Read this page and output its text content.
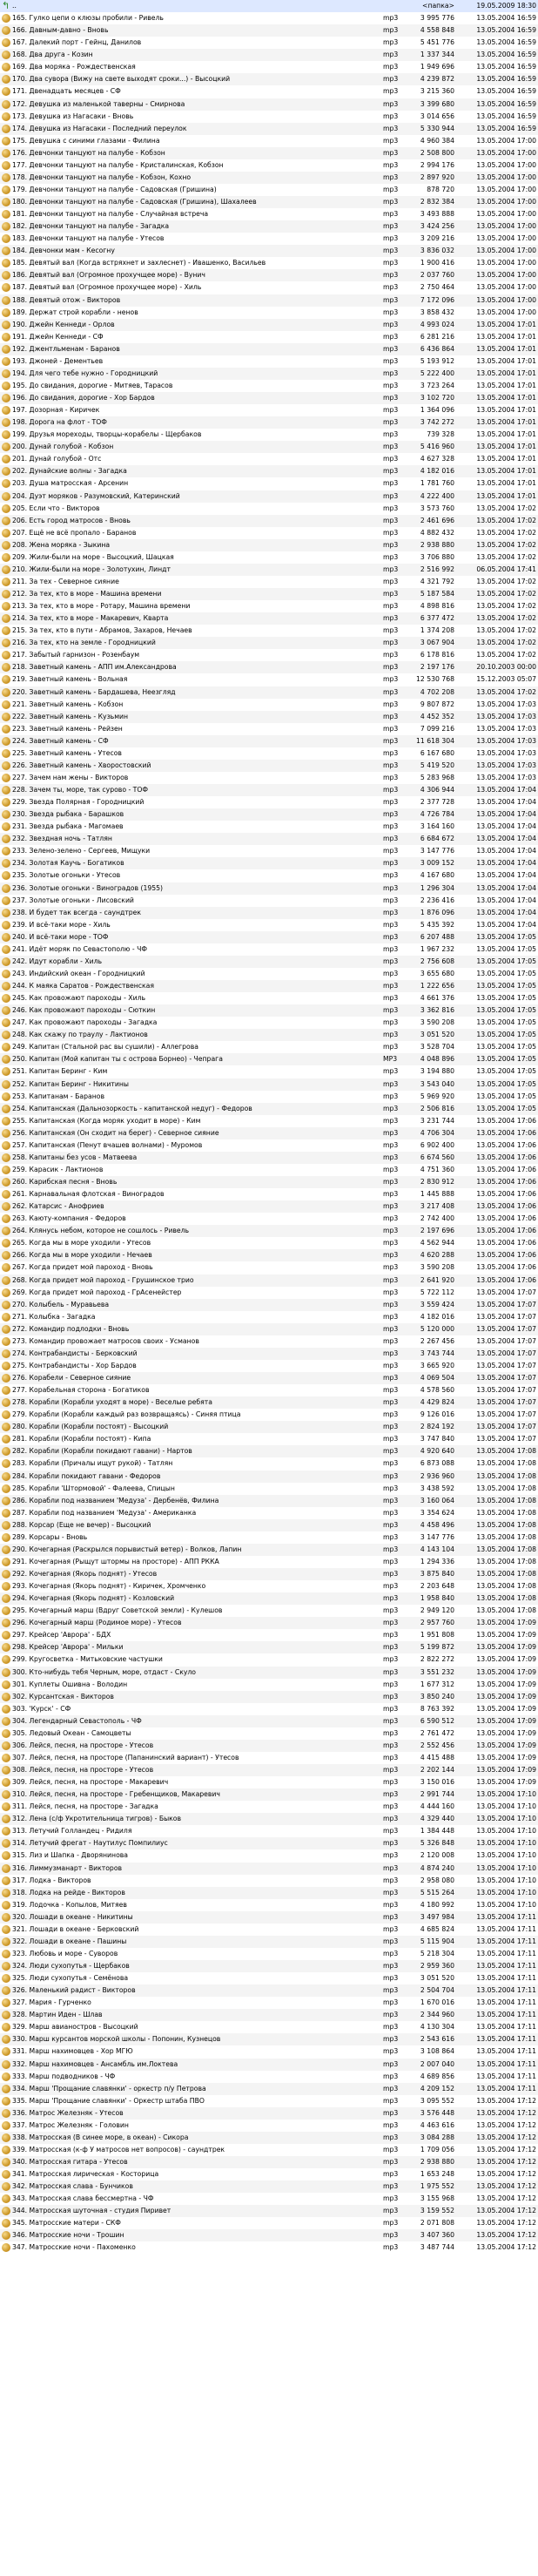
↰
..	<папка>	19.05.2009 18:30
165. Гулко цепи о клюзы пробили - Ривель	mp3	3 995 776	13.05.2004 16:59
166. Давным-давно - Вновь	mp3	4 558 848	13.05.2004 16:59
167. Далекий порт - Гейнц, Данилов	mp3	5 451 776	13.05.2004 16:59
168. Два друга - Козин	mp3	1 337 344	13.05.2004 16:59
169. Два моряка - Рождественская	mp3	1 949 696	13.05.2004 16:59
170. Два сувора (Вижу на свете выходят сроки...) - Высоцкий	mp3	4 239 872	13.05.2004 16:59
171. Двенадцать месяцев - СФ	mp3	3 215 360	13.05.2004 16:59
172. Девушка из маленькой таверны - Смирнова	mp3	3 399 680	13.05.2004 16:59
173. Девушка из Нагасаки - Вновь	mp3	3 014 656	13.05.2004 16:59
174. Девушка из Нагасаки - Последний переулок	mp3	5 330 944	13.05.2004 16:59
175. Девушка с синими глазами - Филина	mp3	4 960 384	13.05.2004 17:00
176. Девчонки танцуют на палубе - Кобзон	mp3	2 508 800	13.05.2004 17:00
177. Девчонки танцуют на палубе - Кристалинская, Кобзон	mp3	2 994 176	13.05.2004 17:00
178. Девчонки танцуют на палубе - Кобзон, Кохно	mp3	2 897 920	13.05.2004 17:00
179. Девчонки танцуют на палубе - Садовская (Гришина)	mp3	878 720	13.05.2004 17:00
180. Девчонки танцуют на палубе - Садовская (Гришина), Шахалеев	mp3	2 832 384	13.05.2004 17:00
181. Девчонки танцуют на палубе - Случайная встреча	mp3	3 493 888	13.05.2004 17:00
182. Девчонки танцуют на палубе - Загадка	mp3	3 424 256	13.05.2004 17:00
183. Девчонки танцуют на палубе - Утесов	mp3	3 209 216	13.05.2004 17:00
184. Девчонки мам - Кесогну	mp3	3 836 032	13.05.2004 17:00
185. Девятый вал (Когда встряхнет и захлеснет) - Ивашенко, Васильев	mp3	1 900 416	13.05.2004 17:00
186. Девятый вал (Огромное прохучщее море) - Вунич	mp3	2 037 760	13.05.2004 17:00
187. Девятый вал (Огромное прохучщее море) - Хиль	mp3	2 750 464	13.05.2004 17:00
188. Девятый отож - Викторов	mp3	7 172 096	13.05.2004 17:00
189. Держат строй корабли - ненов	mp3	3 858 432	13.05.2004 17:00
190. Джейн Кеннеди - Орлов	mp3	4 993 024	13.05.2004 17:01
191. Джейн Кеннеди - СФ	mp3	6 281 216	13.05.2004 17:01
192. Джентльменам - Баранов	mp3	6 436 864	13.05.2004 17:01
193. Джоней - Дементьев	mp3	5 193 912	13.05.2004 17:01
194. Для чего тебе нужно - Городницкий	mp3	5 222 400	13.05.2004 17:01
195. До свидания, дорогие - Митяев, Тарасов	mp3	3 723 264	13.05.2004 17:01
196. До свидания, дорогие - Хор Бардов	mp3	3 102 720	13.05.2004 17:01
197. Дозорная - Киричек	mp3	1 364 096	13.05.2004 17:01
198. Дорога на флот - ТОФ	mp3	3 742 272	13.05.2004 17:01
199. Друзья мореходы, творцы-корабелы - Щербаков	mp3	739 328	13.05.2004 17:01
200. Дунай голубой - Кобзон	mp3	5 416 960	13.05.2004 17:01
201. Дунай голубой - Отс	mp3	4 627 328	13.05.2004 17:01
202. Дунайские волны - Загадка	mp3	4 182 016	13.05.2004 17:01
203. Душа матросская - Арсенин	mp3	1 781 760	13.05.2004 17:01
204. Дуэт моряков - Разумовский, Катеринский	mp3	4 222 400	13.05.2004 17:01
205. Если что - Викторов	mp3	3 573 760	13.05.2004 17:02
206. Есть город матросов - Вновь	mp3	2 461 696	13.05.2004 17:02
207. Ещё не всё пропало - Баранов	mp3	4 882 432	13.05.2004 17:02
208. Жена моряка - Зыкина	mp3	2 938 880	13.05.2004 17:02
209. Жили-были на море - Высоцкий, Шацкая	mp3	3 706 880	13.05.2004 17:02
210. Жили-были на море - Золотухин, Линдт	mp3	2 516 992	06.05.2004 17:41
211. За тех - Северное сияние	mp3	4 321 792	13.05.2004 17:02
212. За тех, кто в море - Машина времени	mp3	5 187 584	13.05.2004 17:02
213. За тех, кто в море - Ротару, Машина времени	mp3	4 898 816	13.05.2004 17:02
214. За тех, кто в море - Макаревич, Кварта	mp3	6 377 472	13.05.2004 17:02
215. За тех, кто в пути - Абрамов, Захаров, Нечаев	mp3	1 374 208	13.05.2004 17:02
216. За тех, кто на земле - Городницкий	mp3	3 067 904	13.05.2004 17:02
217. Забытый гарнизон - Розенбаум	mp3	6 178 816	13.05.2004 17:02
218. Заветный камень - АПП им.Александрова	mp3	2 197 176	20.10.2003 00:00
219. Заветный камень - Вольная	mp3	12 530 768	15.12.2003 05:07
220. Заветный камень - Бардашева, Неезгляд	mp3	4 702 208	13.05.2004 17:02
221. Заветный камень - Кобзон	mp3	9 807 872	13.05.2004 17:03
222. Заветный камень - Кузьмин	mp3	4 452 352	13.05.2004 17:03
223. Заветный камень - Рейзен	mp3	7 099 216	13.05.2004 17:03
224. Заветный камень - СФ	mp3	11 618 304	13.05.2004 17:03
225. Заветный камень - Утесов	mp3	6 167 680	13.05.2004 17:03
226. Заветный камень - Хворостовский	mp3	5 419 520	13.05.2004 17:03
227. Зачем нам жены - Викторов	mp3	5 283 968	13.05.2004 17:03
228. Зачем ты, море, так сурово - ТОФ	mp3	4 306 944	13.05.2004 17:04
229. Звезда Полярная - Городницкий	mp3	2 377 728	13.05.2004 17:04
230. Звезда рыбака - Барашков	mp3	4 726 784	13.05.2004 17:04
231. Звезда рыбака - Магомаев	mp3	3 164 160	13.05.2004 17:04
232. Звездная ночь - Татлян	mp3	6 684 672	13.05.2004 17:04
233. Зелено-зелено - Сергеев, Мищуки	mp3	3 147 776	13.05.2004 17:04
234. Золотая Каучь - Богатиков	mp3	3 009 152	13.05.2004 17:04
235. Золотые огоньки - Утесов	mp3	4 167 680	13.05.2004 17:04
236. Золотые огоньки - Виноградов (1955)	mp3	1 296 304	13.05.2004 17:04
237. Золотые огоньки - Лисовский	mp3	2 236 416	13.05.2004 17:04
238. И будет так всегда - саундтрек	mp3	1 876 096	13.05.2004 17:04
239. И всё-таки море - Хиль	mp3	5 435 392	13.05.2004 17:04
240. И всё-таки море - ТОФ	mp3	6 207 488	13.05.2004 17:05
241. Идёт моряк по Севастополю - ЧФ	mp3	1 967 232	13.05.2004 17:05
242. Идут корабли - Хиль	mp3	2 756 608	13.05.2004 17:05
243. Индийский океан - Городницкий	mp3	3 655 680	13.05.2004 17:05
244. К маяка Саратов - Рождественская	mp3	1 222 656	13.05.2004 17:05
245. Как провожают пароходы - Хиль	mp3	4 661 376	13.05.2004 17:05
246. Как провожают пароходы - Сюткин	mp3	3 362 816	13.05.2004 17:05
247. Как провожают пароходы - Загадка	mp3	3 590 208	13.05.2004 17:05
248. Как скажу по траулу - Лактионов	mp3	3 051 520	13.05.2004 17:05
249. Капитан (Стальной рас вы сушили) - Аллегрова	mp3	3 528 704	13.05.2004 17:05
250. Капитан (Мой капитан ты с острова Борнео) - Чепрага	MP3	4 048 896	13.05.2004 17:05
251. Капитан Беринг - Ким	mp3	3 194 880	13.05.2004 17:05
252. Капитан Беринг - Никитины	mp3	3 543 040	13.05.2004 17:05
253. Капитанам - Баранов	mp3	5 969 920	13.05.2004 17:05
254. Капитанская (Дальнозоркость - капитанской недуг) - Федоров	mp3	2 506 816	13.05.2004 17:05
255. Капитанская (Когда моряк уходит в море) - Ким	mp3	3 231 744	13.05.2004 17:06
256. Капитанская (Он сходит на берег) - Северное сияние	mp3	4 706 304	13.05.2004 17:06
257. Капитанская (Пенут вчашев волнами) - Муромов	mp3	6 902 400	13.05.2004 17:06
258. Капитаны без усов - Матвеева	mp3	6 674 560	13.05.2004 17:06
259. Карасик - Лактионов	mp3	4 751 360	13.05.2004 17:06
260. Карибская песня - Вновь	mp3	2 830 912	13.05.2004 17:06
261. Карнавальная флотская - Виноградов	mp3	1 445 888	13.05.2004 17:06
262. Катарсис - Анофриев	mp3	3 217 408	13.05.2004 17:06
263. Каюту-компания - Федоров	mp3	2 742 400	13.05.2004 17:06
264. Клянусь небом, которое не сошлось - Ривель	mp3	2 197 696	13.05.2004 17:06
265. Когда мы в море уходили - Утесов	mp3	4 562 944	13.05.2004 17:06
266. Когда мы в море уходили - Нечаев	mp3	4 620 288	13.05.2004 17:06
267. Когда придет мой пароход - Вновь	mp3	3 590 208	13.05.2004 17:06
268. Когда придет мой пароход - Грушинское трио	mp3	2 641 920	13.05.2004 17:06
269. Когда придет мой пароход - ГрАсенейстер	mp3	5 722 112	13.05.2004 17:07
270. Колыбель - Муравьева	mp3	3 559 424	13.05.2004 17:07
271. Колыбка - Загадка	mp3	4 182 016	13.05.2004 17:07
272. Командир подлодки - Вновь	mp3	5 120 000	13.05.2004 17:07
273. Командир провожает матросов своих - Усманов	mp3	2 267 456	13.05.2004 17:07
274. Контрабандисты - Берковский	mp3	3 743 744	13.05.2004 17:07
275. Контрабандисты - Хор Бардов	mp3	3 665 920	13.05.2004 17:07
276. Корабели - Северное сияние	mp3	4 069 504	13.05.2004 17:07
277. Корабельная сторона - Богатиков	mp3	4 578 560	13.05.2004 17:07
278. Корабли (Корабли уходят в море) - Веселые ребята	mp3	4 429 824	13.05.2004 17:07
279. Корабли (Корабли каждый раз возвращаясь) - Синяя птица	mp3	9 126 016	13.05.2004 17:07
280. Корабли (Корабли постоят) - Высоцкий	mp3	2 824 192	13.05.2004 17:07
281. Корабли (Корабли постоят) - Кипа	mp3	3 747 840	13.05.2004 17:07
282. Корабли (Корабли покидают гавани) - Нартов	mp3	4 920 640	13.05.2004 17:08
283. Корабли (Причалы ищут рукой) - Татлян	mp3	6 873 088	13.05.2004 17:08
284. Корабли покидают гавани - Федоров	mp3	2 936 960	13.05.2004 17:08
285. Корабли 'Штормовой' - Фалеева, Спицын	mp3	3 438 592	13.05.2004 17:08
286. Корабли под названием 'Медуза' - Дербенёв, Филина	mp3	3 160 064	13.05.2004 17:08
287. Корабли под названием 'Медуза' - Американка	mp3	3 354 624	13.05.2004 17:08
288. Корсар (Еще не вечер) - Высоцкий	mp3	4 458 496	13.05.2004 17:08
289. Корсары - Вновь	mp3	3 147 776	13.05.2004 17:08
290. Кочегарная (Раскрылся порывистый ветер) - Волков, Лапин	mp3	4 143 104	13.05.2004 17:08
291. Кочегарная (Рыщут штормы на просторе) - АПП РККА	mp3	1 294 336	13.05.2004 17:08
292. Кочегарная (Якорь поднят) - Утесов	mp3	3 875 840	13.05.2004 17:08
293. Кочегарная (Якорь поднят) - Киричек, Хромченко	mp3	2 203 648	13.05.2004 17:08
294. Кочегарная (Якорь поднят) - Козловский	mp3	1 958 840	13.05.2004 17:08
295. Кочегарный марш (Вдруг Советской земли) - Кулешов	mp3	2 949 120	13.05.2004 17:08
296. Кочегарный марш (Родимое море) - Утесов	mp3	2 957 760	13.05.2004 17:09
297. Крейсер 'Аврора' - БДХ	mp3	1 951 808	13.05.2004 17:09
298. Крейсер 'Аврора' - Мильки	mp3	5 199 872	13.05.2004 17:09
299. Кругосветка - Митьковские частушки	mp3	2 822 272	13.05.2004 17:09
300. Кто-нибудь тебя Черным, море, отдаст - Скуло	mp3	3 551 232	13.05.2004 17:09
301. Куплеты Ошивна - Володин	mp3	1 677 312	13.05.2004 17:09
302. Курсантская - Викторов	mp3	3 850 240	13.05.2004 17:09
303. 'Курск' - СФ	mp3	8 763 392	13.05.2004 17:09
304. Легендарный Севастополь - ЧФ	mp3	6 590 512	13.05.2004 17:09
305. Ледовый Океан - Самоцветы	mp3	2 761 472	13.05.2004 17:09
306. Лейся, песня, на просторе - Утесов	mp3	2 552 456	13.05.2004 17:09
307. Лейся, песня, на просторе (Папанинский вариант) - Утесов	mp3	4 415 488	13.05.2004 17:09
308. Лейся, песня, на просторе - Утесов	mp3	2 202 144	13.05.2004 17:09
309. Лейся, песня, на просторе - Макаревич	mp3	3 150 016	13.05.2004 17:09
310. Лейся, песня, на просторе - Гребенщиков, Макаревич	mp3	2 991 744	13.05.2004 17:10
311. Лейся, песня, на просторе - Загадка	mp3	4 444 160	13.05.2004 17:10
312. Лена (с/ф Укротительница тигров) - Быков	mp3	4 329 440	13.05.2004 17:10
313. Летучий Голландец - Ридиля	mp3	1 384 448	13.05.2004 17:10
314. Летучий фрегат - Наутилус Помпилиус	mp3	5 326 848	13.05.2004 17:10
315. Лиз и Шапка - Дворянинова	mp3	2 120 008	13.05.2004 17:10
316. Лиммузманарт - Викторов	mp3	4 874 240	13.05.2004 17:10
317. Лодка - Викторов	mp3	2 958 080	13.05.2004 17:10
318. Лодка на рейде - Викторов	mp3	5 515 264	13.05.2004 17:10
319. Лодочка - Копылов, Митяев	mp3	4 180 992	13.05.2004 17:10
320. Лошади в океане - Никитины	mp3	3 497 984	13.05.2004 17:11
321. Лошади в океане - Берковский	mp3	4 685 824	13.05.2004 17:11
322. Лошади в океане - Пашины	mp3	5 115 904	13.05.2004 17:11
323. Любовь и море - Суворов	mp3	5 218 304	13.05.2004 17:11
324. Люди сухопутья - Щербаков	mp3	2 959 360	13.05.2004 17:11
325. Люди сухопутья - Семёнова	mp3	3 051 520	13.05.2004 17:11
326. Маленький радист - Викторов	mp3	2 504 704	13.05.2004 17:11
327. Мария - Гурченко	mp3	1 670 016	13.05.2004 17:11
328. Мартин Иден - Шлав	mp3	2 344 960	13.05.2004 17:11
329. Марш авианостров - Высоцкий	mp3	4 130 304	13.05.2004 17:11
330. Марш курсантов морской школы - Попонин, Кузнецов	mp3	2 543 616	13.05.2004 17:11
331. Марш нахимовцев - Хор МГЮ	mp3	3 108 864	13.05.2004 17:11
332. Марш нахимовцев - Ансамбль им.Локтева	mp3	2 007 040	13.05.2004 17:11
333. Марш подводников - ЧФ	mp3	4 689 856	13.05.2004 17:11
334. Марш 'Прощание славянки' - оркестр п/у Петрова	mp3	4 209 152	13.05.2004 17:11
335. Марш 'Прощание славянки' - Оркестр штаба ПВО	mp3	3 095 552	13.05.2004 17:12
336. Матрос Железняк - Утесов	mp3	3 576 448	13.05.2004 17:12
337. Матрос Железняк - Головин	mp3	4 463 616	13.05.2004 17:12
338. Матросская (В синее море, в океан) - Сикора	mp3	3 084 288	13.05.2004 17:12
339. Матросская (к-ф У матросов нет вопросов) - саундтрек	mp3	1 709 056	13.05.2004 17:12
340. Матросская гитара - Утесов	mp3	2 938 880	13.05.2004 17:12
341. Матросская лирическая - Косторица	mp3	1 653 248	13.05.2004 17:12
342. Матросская слава - Бунчиков	mp3	1 975 552	13.05.2004 17:12
343. Матросская слава бессмертна - ЧФ	mp3	3 155 968	13.05.2004 17:12
344. Матросская шуточная - студия Пиривет	mp3	3 159 552	13.05.2004 17:12
345. Матросские матери - СКФ	mp3	2 071 808	13.05.2004 17:12
346. Матросские ночи - Трошин	mp3	3 407 360	13.05.2004 17:12
347. Матросские ночи - Пахоменко	mp3	3 487 744	13.05.2004 17:12
